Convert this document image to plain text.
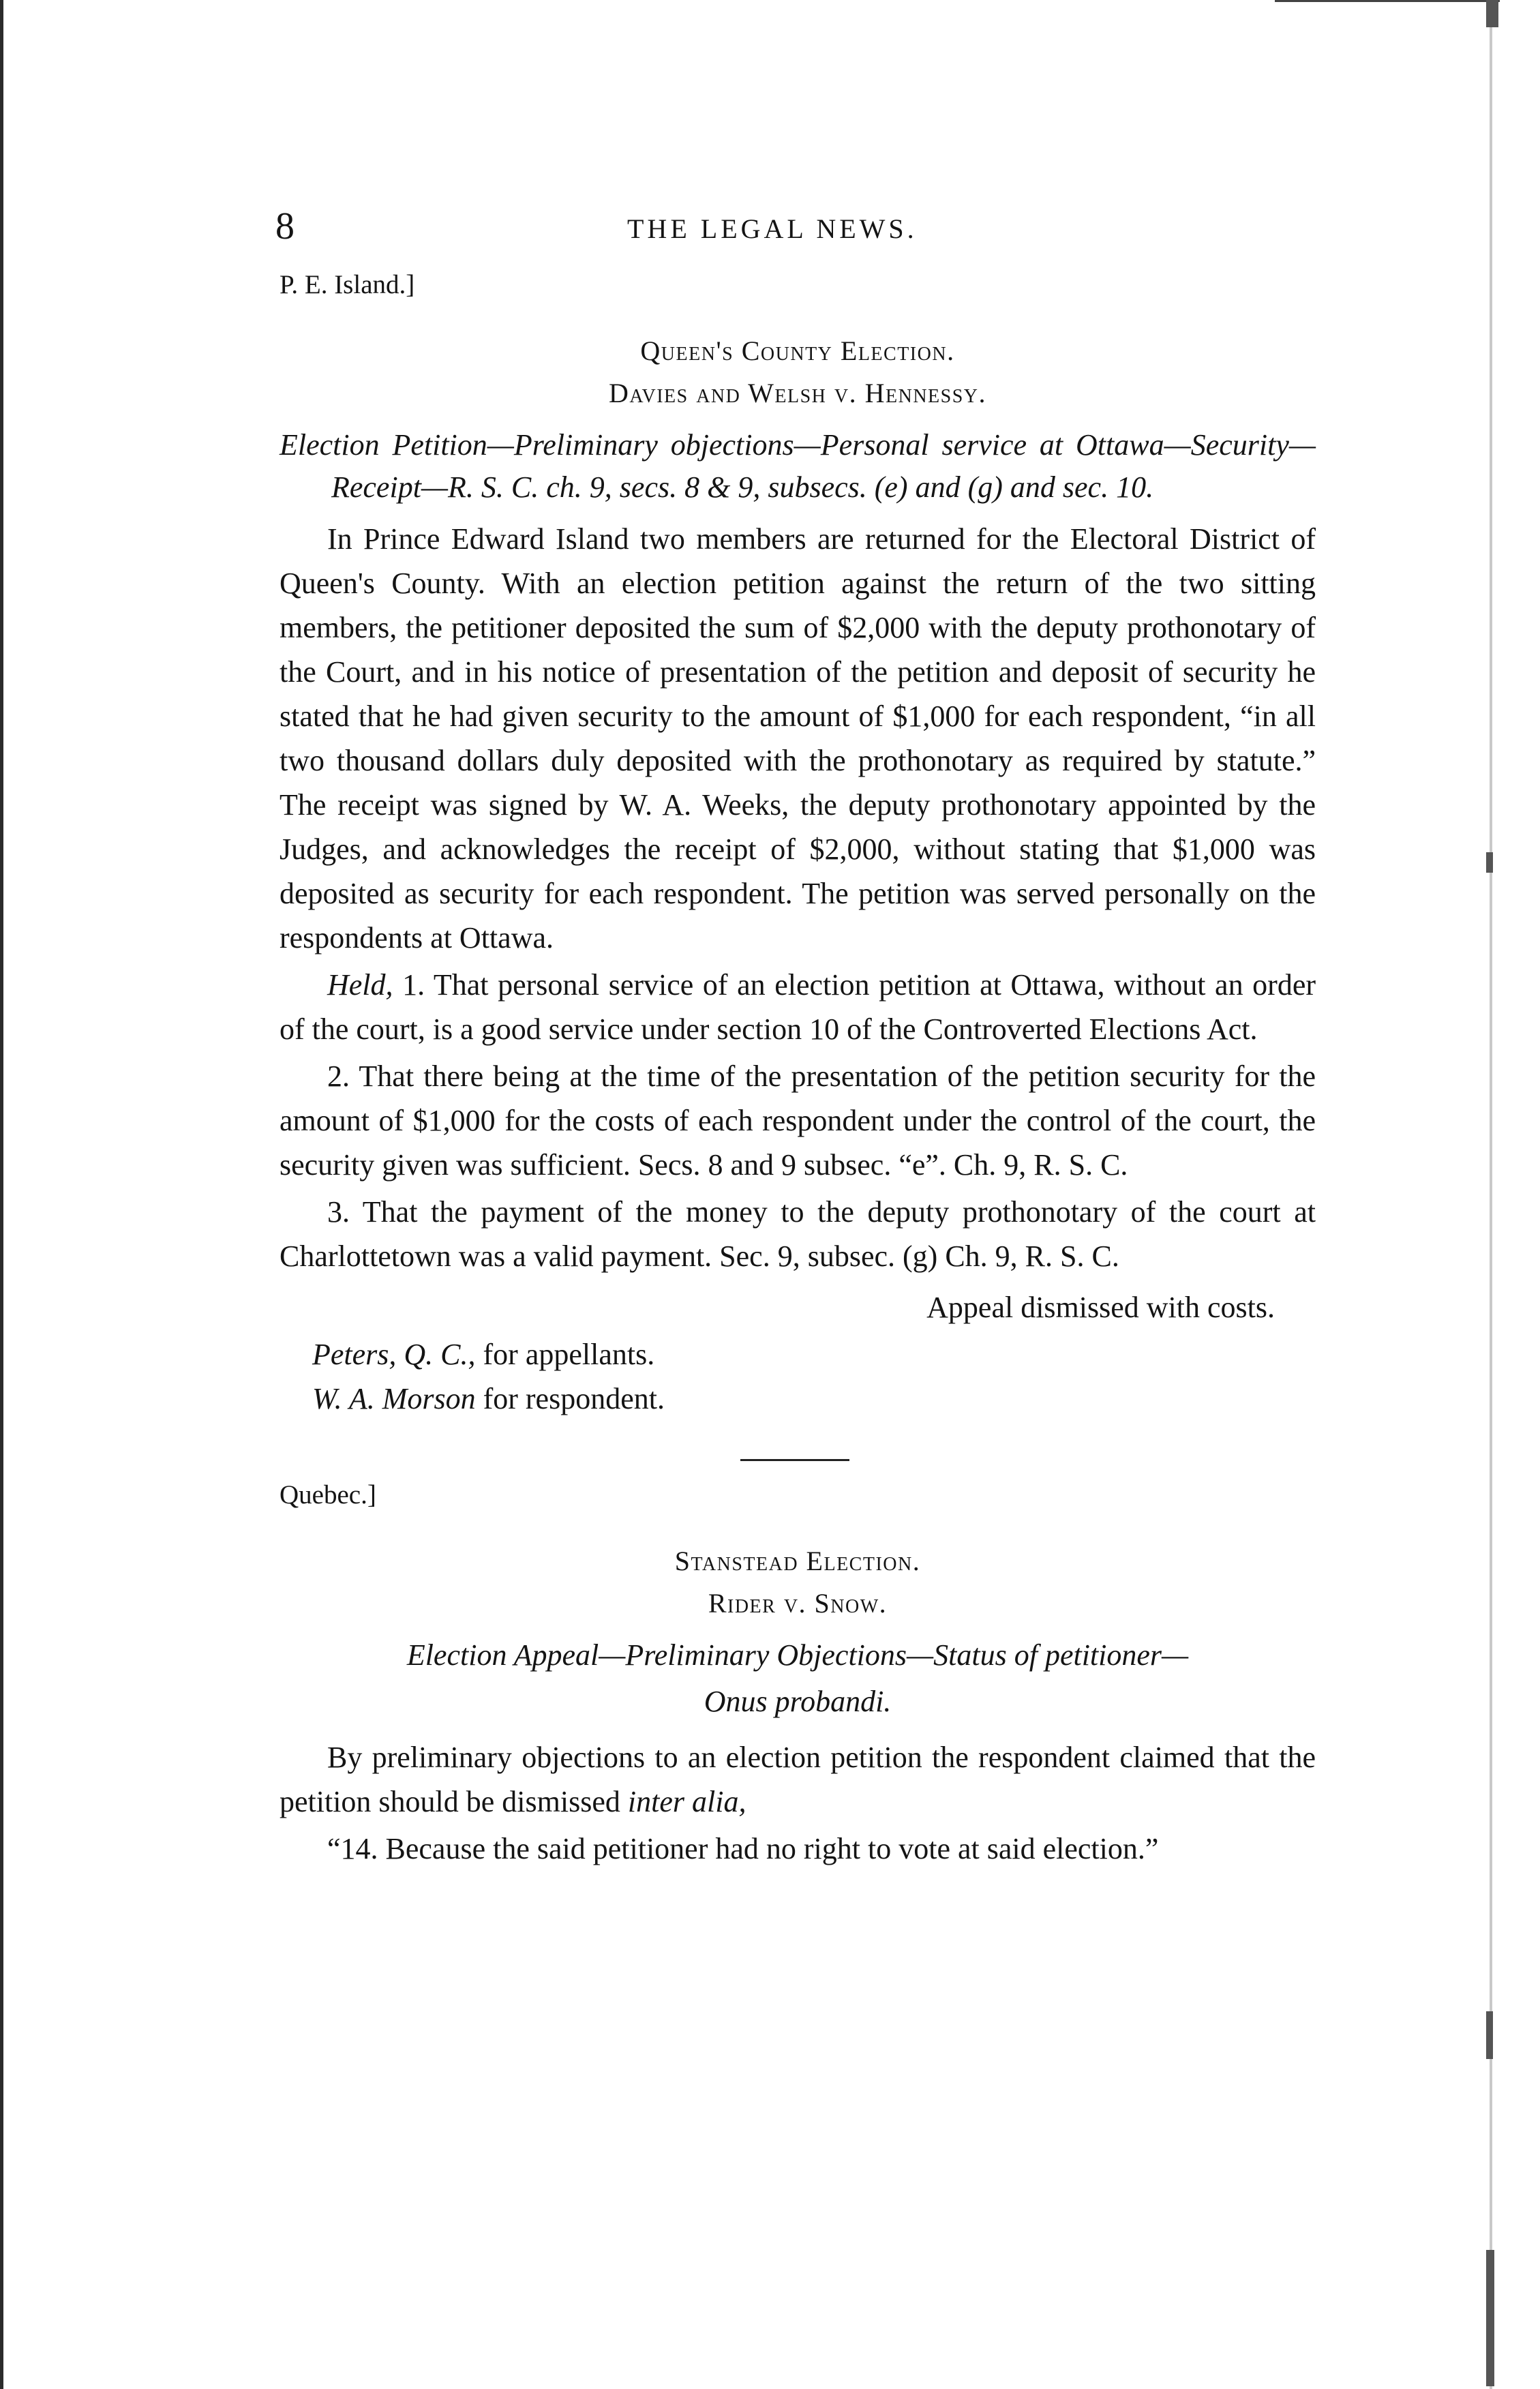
8	THE LEGAL NEWS.
P. E. Island.]
Queen's County Election.
Davies and Welsh v. Hennessy.
Election Petition—Preliminary objections—Personal service at Ottawa—Security—Receipt—R. S. C. ch. 9, secs. 8 & 9, subsecs. (e) and (g) and sec. 10.

In Prince Edward Island two members are returned for the Electoral District of Queen's County. With an election petition against the return of the two sitting members, the petitioner deposited the sum of $2,000 with the deputy prothonotary of the Court, and in his notice of presentation of the petition and deposit of security he stated that he had given security to the amount of $1,000 for each respondent, “in all two thousand dollars duly deposited with the prothonotary as required by statute.” The receipt was signed by W. A. Weeks, the deputy prothonotary appointed by the Judges, and acknowledges the receipt of $2,000, without stating that $1,000 was deposited as security for each respondent. The petition was served personally on the respondents at Ottawa.

Held, 1. That personal service of an election petition at Ottawa, without an order of the court, is a good service under section 10 of the Controverted Elections Act.

2. That there being at the time of the presentation of the petition security for the amount of $1,000 for the costs of each respondent under the control of the court, the security given was sufficient. Secs. 8 and 9 subsec. “e”. Ch. 9, R. S. C.

3. That the payment of the money to the deputy prothonotary of the court at Charlottetown was a valid payment. Sec. 9, subsec. (g) Ch. 9, R. S. C.

Appeal dismissed with costs.

Peters, Q. C., for appellants.

W. A. Morson for respondent.

Quebec.]
Stanstead Election.
Rider v. Snow.
Election Appeal—Preliminary Objections—Status of petitioner—
Onus probandi.

By preliminary objections to an election petition the respondent claimed that the petition should be dismissed inter alia,

“14. Because the said petitioner had no right to vote at said election.”
